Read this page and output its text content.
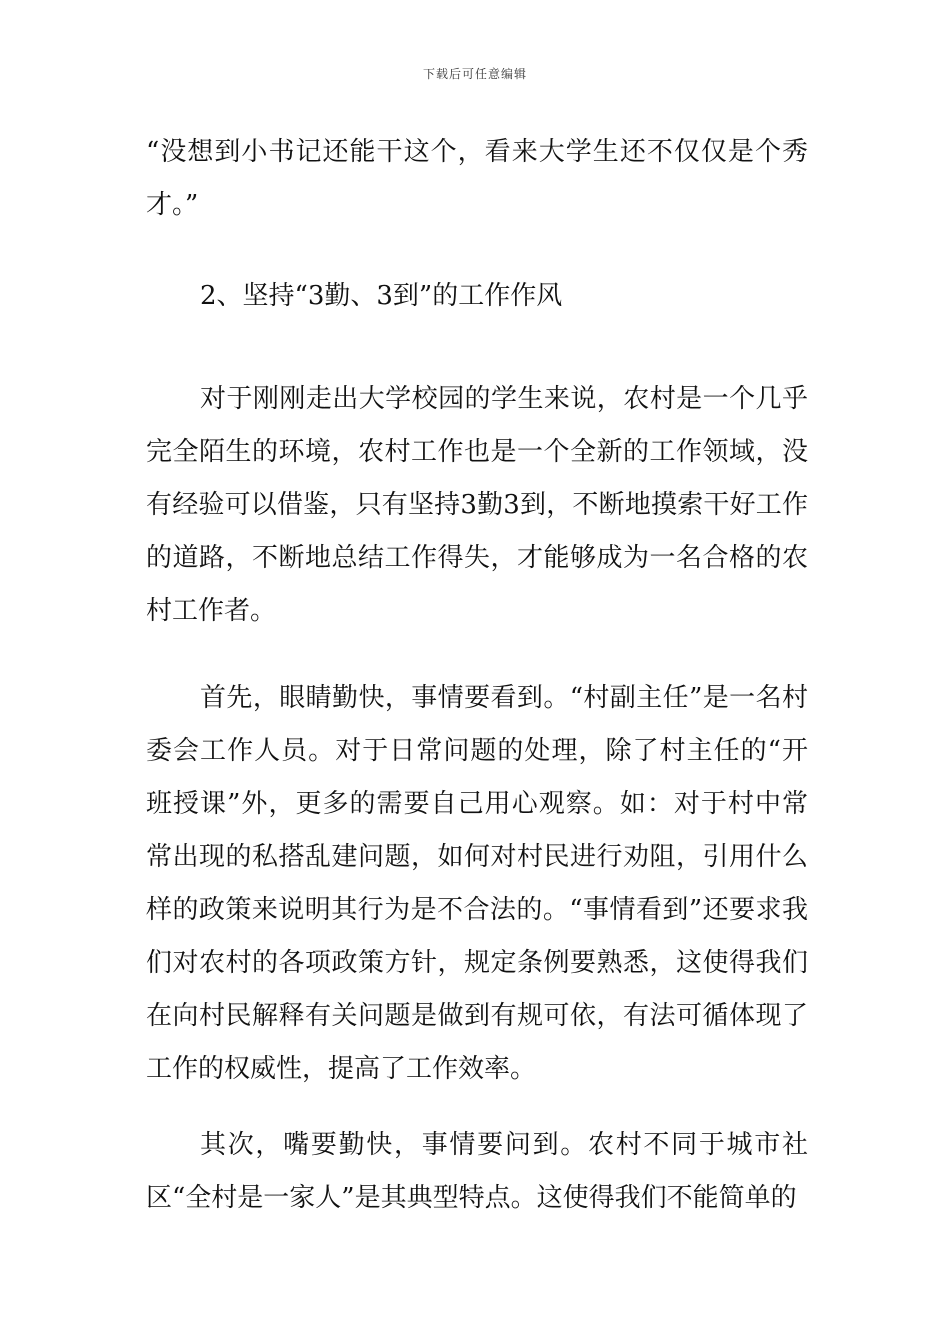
下载后可任意编辑

“没想到小书记还能干这个，看来大学生还不仅仅是个秀才。”

2、坚持“3勤、3到”的工作作风

对于刚刚走出大学校园的学生来说，农村是一个几乎完全陌生的环境，农村工作也是一个全新的工作领域，没有经验可以借鉴，只有坚持3勤3到，不断地摸索干好工作的道路，不断地总结工作得失，才能够成为一名合格的农村工作者。

首先，眼睛勤快，事情要看到。“村副主任”是一名村委会工作人员。对于日常问题的处理，除了村主任的“开班授课”外，更多的需要自己用心观察。如：对于村中常常出现的私搭乱建问题，如何对村民进行劝阻，引用什么样的政策来说明其行为是不合法的。“事情看到”还要求我们对农村的各项政策方针，规定条例要熟悉，这使得我们在向村民解释有关问题是做到有规可依，有法可循体现了工作的权威性，提高了工作效率。

其次，嘴要勤快，事情要问到。农村不同于城市社区“全村是一家人”是其典型特点。这使得我们不能简单的
